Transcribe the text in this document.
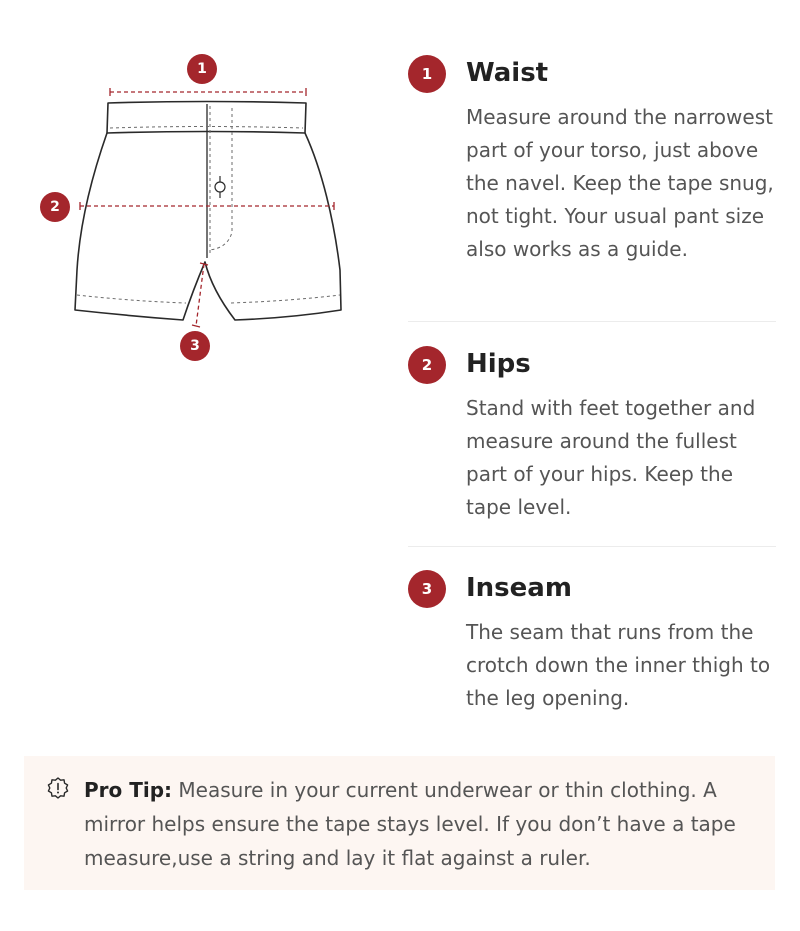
1
2
3
1	Waist

Measure around the narrowest part of your torso, just above the navel. Keep the tape snug, not tight. Your usual pant size also works as a guide.

2	Hips

Stand with feet together and measure around the fullest part of your hips. Keep the tape level.

3	Inseam

The seam that runs from the crotch down the inner thigh to the leg opening.

Pro Tip: Measure in your current underwear or thin clothing. A mirror helps ensure the tape stays level. If you don’t have a tape measure,use a string and lay it flat against a ruler.
